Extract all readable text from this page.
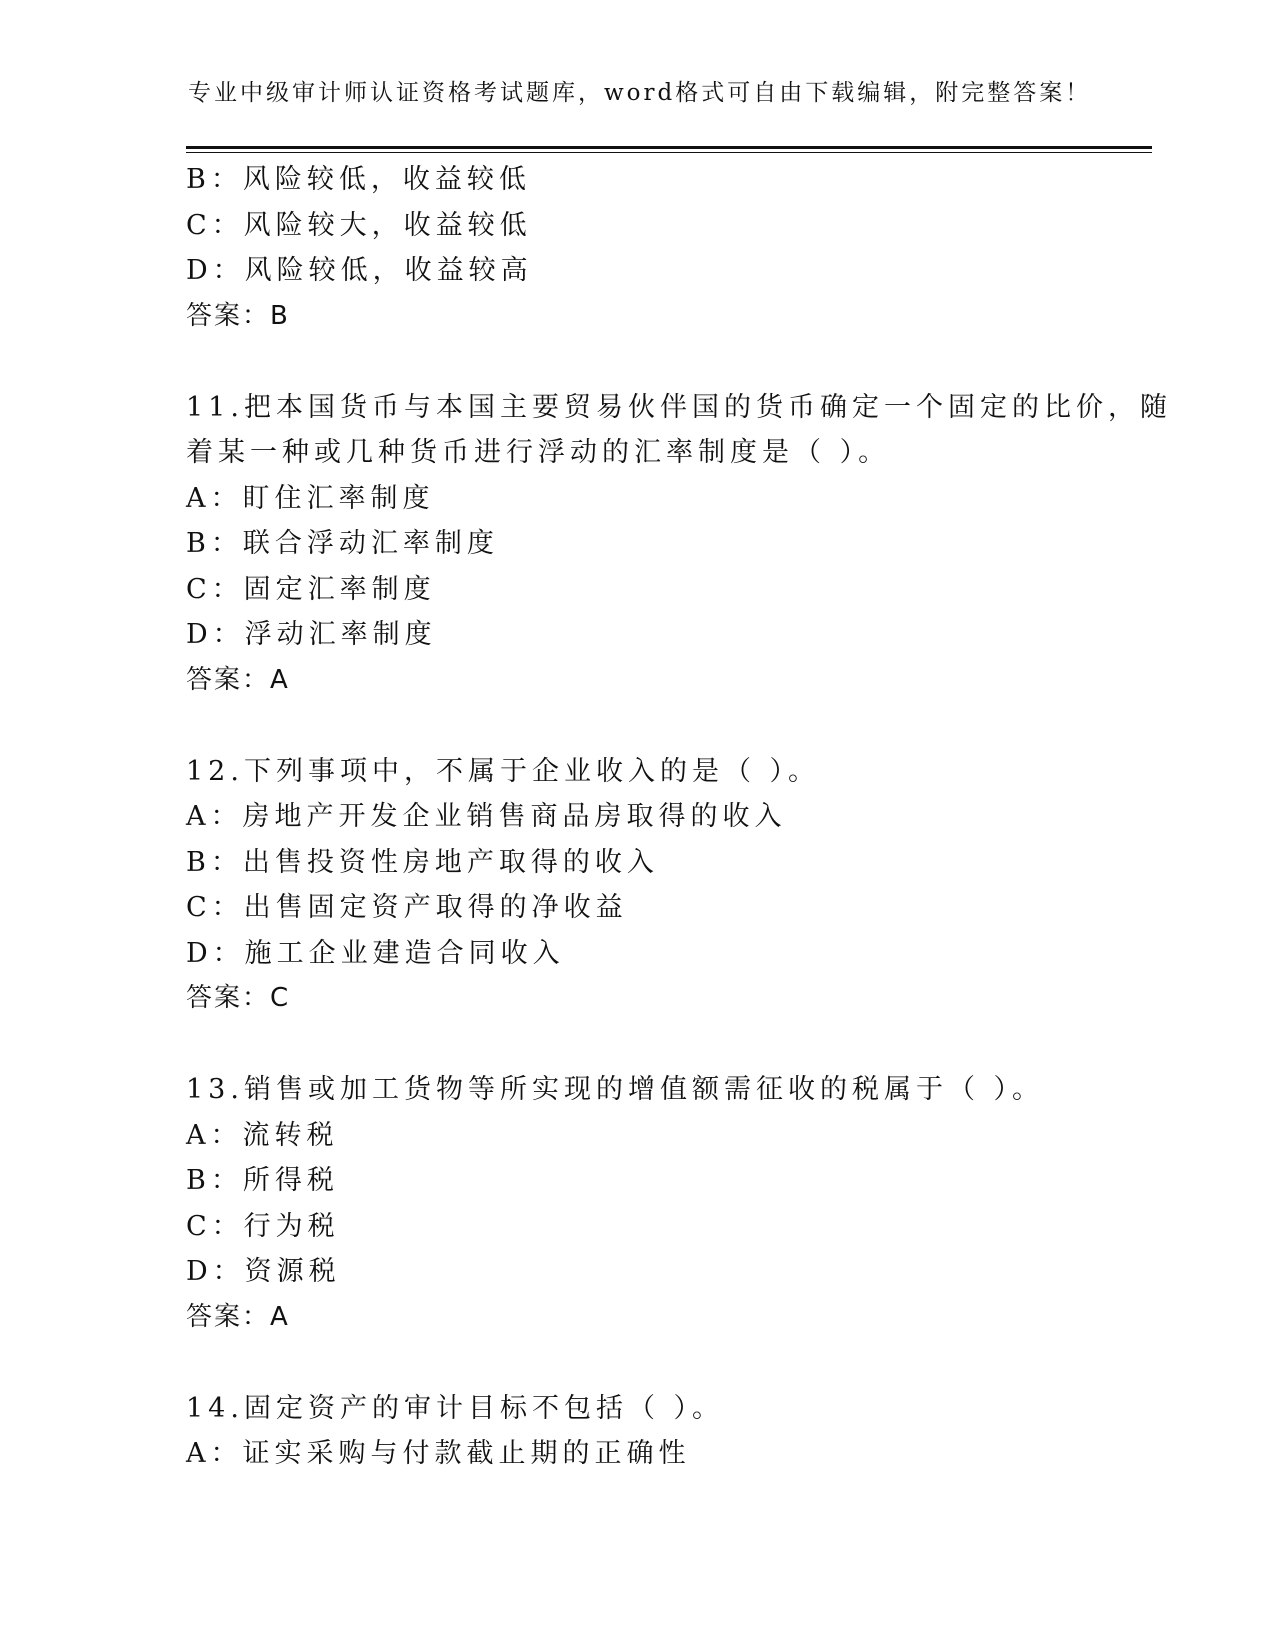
专业中级审计师认证资格考试题库，word格式可自由下载编辑，附完整答案！
B：风险较低，收益较低
C：风险较大，收益较低
D：风险较低，收益较高
答案：B
11.把本国货币与本国主要贸易伙伴国的货币确定一个固定的比价，随
着某一种或几种货币进行浮动的汇率制度是（ ）。
A：盯住汇率制度
B：联合浮动汇率制度
C：固定汇率制度
D：浮动汇率制度
答案：A
12.下列事项中，不属于企业收入的是（ ）。
A：房地产开发企业销售商品房取得的收入
B：出售投资性房地产取得的收入
C：出售固定资产取得的净收益
D：施工企业建造合同收入
答案：C
13.销售或加工货物等所实现的增值额需征收的税属于（ ）。
A：流转税
B：所得税
C：行为税
D：资源税
答案：A
14.固定资产的审计目标不包括（ ）。
A：证实采购与付款截止期的正确性
